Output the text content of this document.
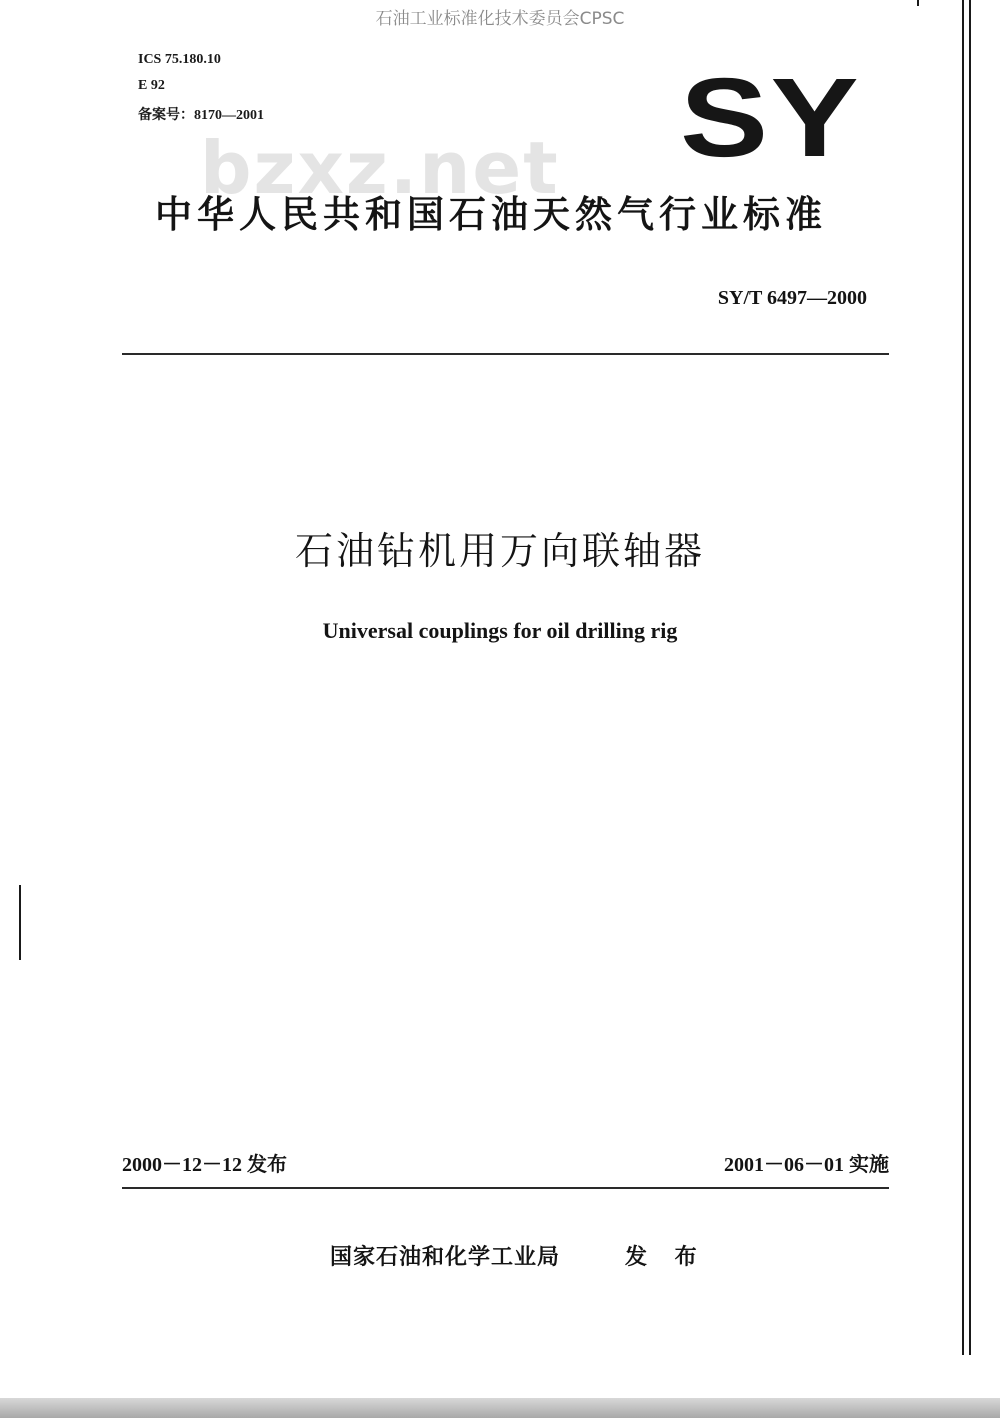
石油工业标准化技术委员会CPSC
ICS 75.180.10
E 92
备案号：8170—2001	SY
bzxz.net
中华人民共和国石油天然气行业标准
SY/T 6497—2000
石油钻机用万向联轴器
Universal couplings for oil drilling rig
2000－12－12 发布	2001－06－01 实施
国家石油和化学工业局	发 布
